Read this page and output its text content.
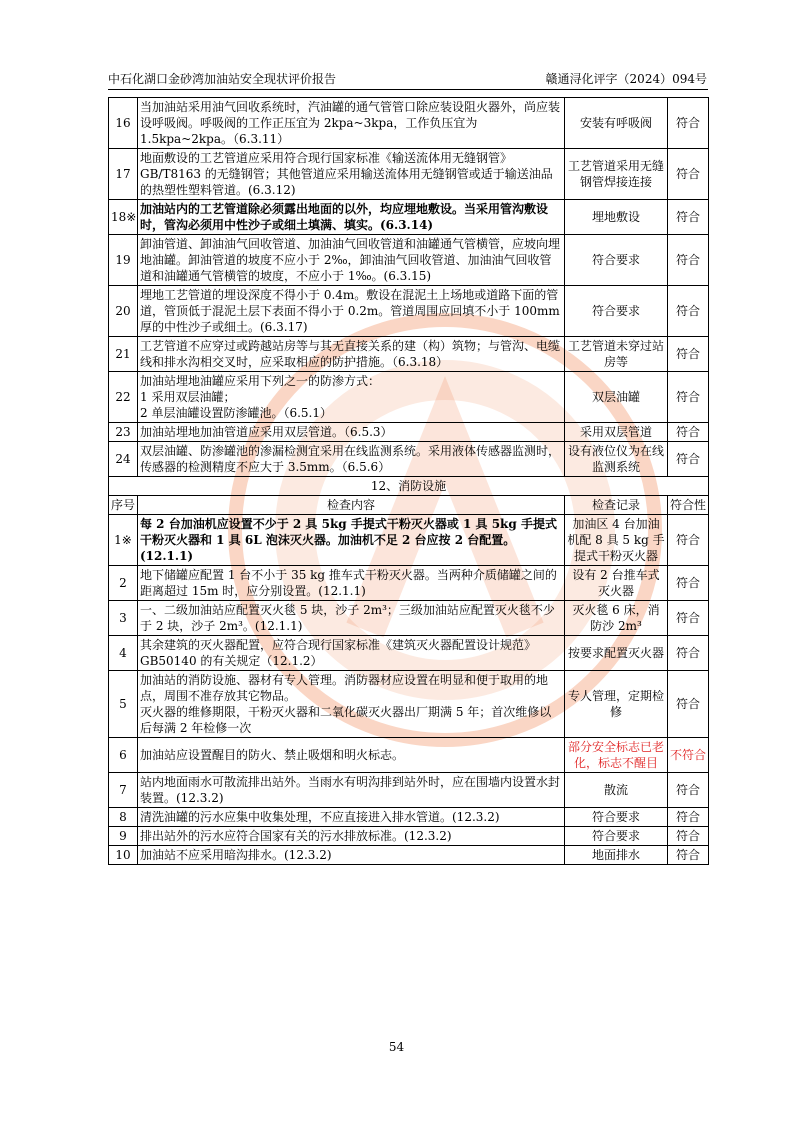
中石化湖口金砂湾加油站安全现状评价报告	赣通浔化评字（2024）094号
16	当加油站采用油气回收系统时，汽油罐的通气管管口除应装设阻火器外，尚应装设呼吸阀。呼吸阀的工作正压宜为 2kpa~3kpa，工作负压宜为 1.5kpa~2kpa。（6.3.11）	安装有呼吸阀	符合
17	地面敷设的工艺管道应采用符合现行国家标准《输送流体用无缝钢管》GB/T8163 的无缝钢管；其他管道应采用输送流体用无缝钢管或适于输送油品的热塑性塑料管道。(6.3.12)	工艺管道采用无缝钢管焊接连接	符合
18※	加油站内的工艺管道除必须露出地面的以外，均应埋地敷设。当采用管沟敷设时，管沟必须用中性沙子或细土填满、填实。(6.3.14)	埋地敷设	符合
19	卸油管道、卸油油气回收管道、加油油气回收管道和油罐通气管横管，应坡向埋地油罐。卸油管道的坡度不应小于 2‰，卸油油气回收管道、加油油气回收管道和油罐通气管横管的坡度，不应小于 1‰。(6.3.15)	符合要求	符合
20	埋地工艺管道的埋设深度不得小于 0.4m。敷设在混泥土上场地或道路下面的管道，管顶低于混泥土层下表面不得小于 0.2m。管道周围应回填不小于 100mm 厚的中性沙子或细土。(6.3.17)	符合要求	符合
21	工艺管道不应穿过或跨越站房等与其无直接关系的建（构）筑物；与管沟、电缆线和排水沟相交叉时，应采取相应的防护措施。（6.3.18）	工艺管道未穿过站房等	符合
22	加油站埋地油罐应采用下列之一的防渗方式：
1 采用双层油罐；
2 单层油罐设置防渗罐池。（6.5.1）	双层油罐	符合
23	加油站埋地加油管道应采用双层管道。（6.5.3）	采用双层管道	符合
24	双层油罐、防渗罐池的渗漏检测宜采用在线监测系统。采用液体传感器监测时，传感器的检测精度不应大于 3.5mm。（6.5.6）	设有液位仪为在线监测系统	符合
12、消防设施			
序号	检查内容	检查记录	符合性
1※	每 2 台加油机应设置不少于 2 具 5kg 手提式干粉灭火器或 1 具 5kg 手提式干粉灭火器和 1 具 6L 泡沫灭火器。加油机不足 2 台应按 2 台配置。(12.1.1)	加油区 4 台加油机配 8 具 5 kg 手提式干粉灭火器	符合
2	地下储罐应配置 1 台不小于 35 kg 推车式干粉灭火器。当两种介质储罐之间的距离超过 15m 时，应分别设置。(12.1.1)	设有 2 台推车式灭火器	符合
3	一、二级加油站应配置灭火毯 5 块，沙子 2m³；三级加油站应配置灭火毯不少于 2 块，沙子 2m³。(12.1.1)	灭火毯 6 床，消防沙 2m³	符合
4	其余建筑的灭火器配置，应符合现行国家标准《建筑灭火器配置设计规范》GB50140 的有关规定（12.1.2）	按要求配置灭火器	符合
5	加油站的消防设施、器材有专人管理。消防器材应设置在明显和便于取用的地点，周围不准存放其它物品。
灭火器的维修期限，干粉灭火器和二氧化碳灭火器出厂期满 5 年；首次维修以后每满 2 年检修一次	专人管理，定期检修	符合
6	加油站应设置醒目的防火、禁止吸烟和明火标志。	部分安全标志已老化，标志不醒目	不符合
7	站内地面雨水可散流排出站外。当雨水有明沟排到站外时，应在围墙内设置水封装置。(12.3.2)	散流	符合
8	清洗油罐的污水应集中收集处理，不应直接进入排水管道。(12.3.2)	符合要求	符合
9	排出站外的污水应符合国家有关的污水排放标准。(12.3.2)	符合要求	符合
10	加油站不应采用暗沟排水。(12.3.2)	地面排水	符合
54
